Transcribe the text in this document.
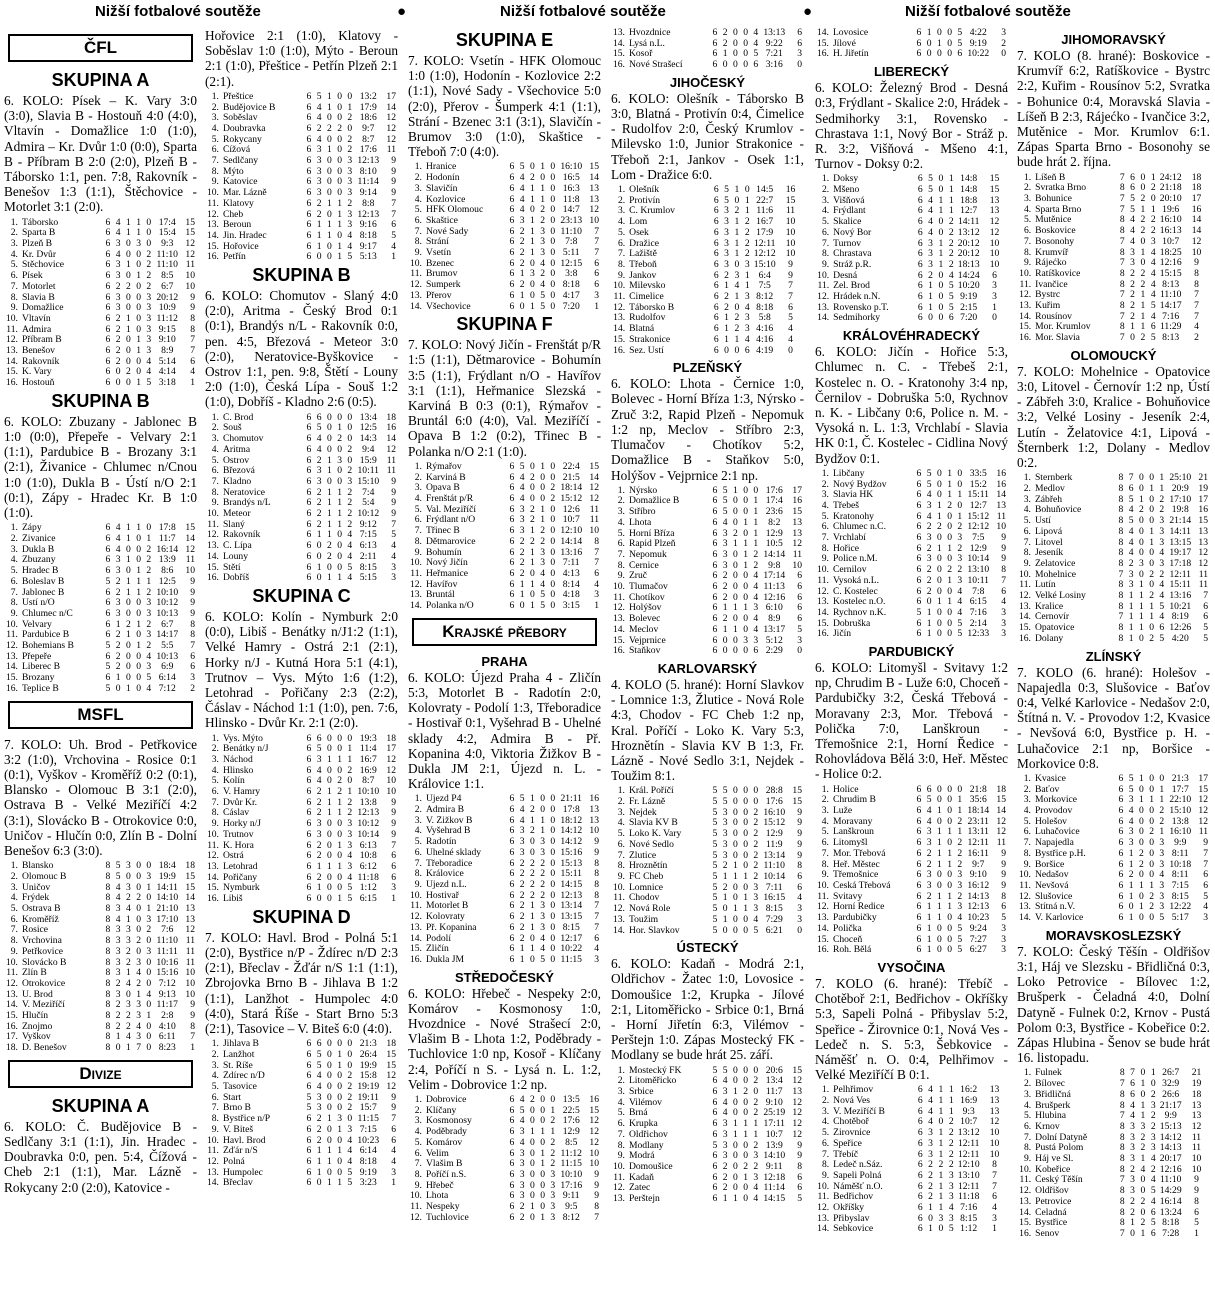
Nižší fotbalové soutěže	●	Nižší fotbalové soutěže	●	Nižší fotbalové soutěže
ČFL
SKUPINA A
6. KOLO: Písek – K. Vary 3:0 (3:0), Slavia B - Hostouň 4:0 (4:0), Vltavín - Domažlice 1:0 (1:0), Admira – Kr. Dvůr 1:0 (0:0), Sparta B - Příbram B 2:0 (2:0), Plzeň B - Táborsko 1:1, pen. 7:8, Rakovník - Benešov 1:3 (1:1), Štěchovice - Motorlet 3:1 (2:0).
1.	Táborsko	6	4	1	1	0	17:4	15
2.	Sparta B	6	4	1	1	0	15:4	15
3.	Plzeň B	6	3	0	3	0	9:3	12
4.	Kr. Dvůr	6	4	0	0	2	11:10	12
5.	Štěchovice	6	3	1	0	2	11:10	11
6.	Písek	6	3	0	1	2	8:5	10
7.	Motorlet	6	2	2	0	2	6:7	10
8.	Slavia B	6	3	0	0	3	20:12	9
9.	Domažlice	6	3	0	0	3	10:9	9
10.	Vltavín	6	2	1	0	3	11:12	8
11.	Admira	6	2	1	0	3	9:15	8
12.	Příbram B	6	2	0	1	3	9:10	7
13.	Benešov	6	2	0	1	3	8:9	7
14.	Rakovník	6	2	0	0	4	5:14	6
15.	K. Vary	6	0	2	0	4	4:14	4
16.	Hostouň	6	0	0	1	5	3:18	1
SKUPINA B
6. KOLO: Zbuzany - Jablonec B 1:0 (0:0), Přepeře - Velvary 2:1 (1:1), Pardubice B - Brozany 3:1 (2:1), Živanice - Chlumec n/Cnou 1:0 (1:0), Dukla B - Ústí n/O 2:1 (0:1), Zápy - Hradec Kr. B 1:0 (1:0).
1.	Zápy	6	4	1	1	0	17:8	15
2.	Živanice	6	4	1	0	1	11:7	14
3.	Dukla B	6	4	0	0	2	16:14	12
4.	Zbuzany	6	3	1	0	2	13:9	11
5.	Hradec B	6	3	0	1	2	8:6	10
6.	Boleslav B	5	2	1	1	1	12:5	9
7.	Jablonec B	6	2	1	1	2	10:10	9
8.	Ústí n/O	6	3	0	0	3	10:12	9
9.	Chlumec n/C	6	3	0	0	3	10:13	9
10.	Velvary	6	1	2	1	2	6:7	8
11.	Pardubice B	6	2	1	0	3	14:17	8
12.	Bohemians B	5	2	0	1	2	5:5	7
13.	Přepeře	6	2	0	0	4	10:13	6
14.	Liberec B	5	2	0	0	3	6:9	6
15.	Brozany	6	1	0	0	5	6:14	3
16.	Teplice B	5	0	1	0	4	7:12	2
MSFL
7. KOLO: Uh. Brod - Petřkovice 3:2 (1:0), Vrchovina - Rosice 0:1 (0:1), Vyškov - Kroměříž 0:2 (0:1), Blansko - Olomouc B 3:1 (2:0), Ostrava B - Velké Meziříčí 4:2 (3:1), Slovácko B - Otrokovice 0:0, Uničov - Hlučín 0:0, Zlín B - Dolní Benešov 6:3 (3:0).
1.	Blansko	8	5	3	0	0	18:4	18
2.	Olomouc B	8	5	0	0	3	19:9	15
3.	Uničov	8	4	3	0	1	14:11	15
4.	Frýdek	8	4	2	2	0	14:10	14
5.	Ostrava B	8	3	4	0	1	21:10	13
6.	Kroměříž	8	4	1	0	3	17:10	13
7.	Rosice	8	3	3	0	2	7:6	12
8.	Vrchovina	8	3	3	2	0	11:10	11
9.	Petřkovice	8	3	2	0	3	11:11	11
10.	Slovácko B	8	3	2	3	0	10:16	11
11.	Zlín B	8	3	1	4	0	15:16	10
12.	Otrokovice	8	2	4	2	0	7:12	10
13.	U. Brod	8	3	0	1	4	9:13	10
14.	V. Meziříčí	8	2	3	3	0	11:17	9
15.	Hlučín	8	2	2	3	1	2:8	9
16.	Znojmo	8	2	2	4	0	4:10	8
17.	Vyškov	8	1	4	3	0	6:11	7
18.	D. Benešov	8	0	1	7	0	8:23	1
Divize
SKUPINA A
6. KOLO: Č. Budějovice B - Sedlčany 3:1 (1:1), Jin. Hradec - Doubravka 0:0, pen. 5:4, Čížová - Cheb 2:1 (1:1), Mar. Lázně - Rokycany 2:0 (2:0), Katovice -
Hořovice 2:1 (1:0), Klatovy - Soběslav 1:0 (1:0), Mýto - Beroun 2:1 (1:0), Přeštice - Petřín Plzeň 2:1 (2:1).
1.	Přeštice	6	5	1	0	0	13:2	17
2.	Budějovice B	6	4	1	0	1	17:9	14
3.	Soběslav	6	4	0	0	2	18:6	12
4.	Doubravka	6	2	2	2	0	9:7	12
5.	Rokycany	6	4	0	0	2	8:7	12
6.	Čížová	6	3	1	0	2	17:6	11
7.	Sedlčany	6	3	0	0	3	12:13	9
8.	Mýto	6	3	0	0	3	8:10	9
9.	Katovice	6	3	0	0	3	11:14	9
10.	Mar. Lázně	6	3	0	0	3	9:14	9
11.	Klatovy	6	2	1	1	2	8:8	7
12.	Cheb	6	2	0	1	3	12:13	7
13.	Beroun	6	1	1	1	3	9:16	6
14.	Jin. Hradec	6	1	1	0	4	8:18	5
15.	Hořovice	6	1	0	1	4	9:17	4
16.	Petřín	6	0	0	1	5	5:13	1
SKUPINA B
6. KOLO: Chomutov - Slaný 4:0 (2:0), Aritma - Český Brod 0:1 (0:1), Brandýs n/L - Rakovník 0:0, pen. 4:5, Březová - Meteor 3:0 (2:0), Neratovice-Byškovice - Ostrov 1:1, pen. 9:8, Štětí - Louny 2:0 (1:0), Česká Lípa - Souš 1:2 (1:0), Dobříš - Kladno 2:6 (0:5).
1.	Č. Brod	6	6	0	0	0	13:4	18
2.	Souš	6	5	0	1	0	12:5	16
3.	Chomutov	6	4	0	2	0	14:3	14
4.	Aritma	6	4	0	0	2	9:4	12
5.	Ostrov	6	2	1	3	0	15:9	11
6.	Březová	6	3	1	0	2	10:11	11
7.	Kladno	6	3	0	0	3	15:10	9
8.	Neratovice	6	2	1	1	2	7:4	9
9.	Brandýs n/L	6	2	1	1	2	5:4	9
10.	Meteor	6	2	1	1	2	10:12	9
11.	Slaný	6	2	1	1	2	9:12	7
12.	Rakovník	6	1	1	0	4	7:15	5
13.	Č. Lípa	6	0	2	0	4	6:13	4
14.	Louny	6	0	2	0	4	2:11	4
15.	Štětí	6	1	0	0	5	8:15	3
16.	Dobříš	6	0	1	1	4	5:15	3
SKUPINA C
6. KOLO: Kolín - Nymburk 2:0 (0:0), Libiš - Benátky n/J1:2 (1:1), Velké Hamry - Ostrá 2:1 (2:1), Horky n/J - Kutná Hora 5:1 (4:1), Trutnov – Vys. Mýto 1:6 (1:2), Letohrad - Pořičany 2:3 (2:2), Čáslav - Náchod 1:1 (1:0), pen. 7:6, Hlinsko - Dvůr Kr. 2:1 (2:0).
1.	Vys. Mýto	6	6	0	0	0	19:3	18
2.	Benátky n/J	6	5	0	0	1	11:4	17
3.	Náchod	6	3	1	1	1	16:7	12
4.	Hlinsko	6	4	0	0	2	16:9	12
5.	Kolín	6	4	0	2	0	8:7	10
6.	V. Hamry	6	2	1	2	1	10:10	10
7.	Dvůr Kr.	6	2	1	1	2	13:8	9
8.	Čáslav	6	2	1	1	2	12:13	9
9.	Horky n/J	6	3	0	0	3	10:12	9
10.	Trutnov	6	3	0	0	3	10:14	9
11.	K. Hora	6	2	0	1	3	6:13	7
12.	Ostrá	6	2	0	0	4	10:8	6
13.	Letohrad	6	1	1	1	3	6:12	6
14.	Pořičany	6	2	0	0	4	11:18	6
15.	Nymburk	6	1	0	0	5	1:12	3
16.	Libiš	6	0	0	1	5	6:15	1
SKUPINA D
7. KOLO: Havl. Brod - Polná 5:1 (2:0), Bystřice n/P - Ždírec n/D 2:3 (2:1), Břeclav - Žďár n/S 1:1 (1:1), Zbrojovka Brno B - Jihlava B 1:2 (1:1), Lanžhot - Humpolec 4:0 (4:0), Stará Říše - Start Brno 5:3 (2:1), Tasovice – V. Biteš 6:0 (4:0).
1.	Jihlava B	6	6	0	0	0	21:3	18
2.	Lanžhot	6	5	0	1	0	26:4	15
3.	St. Říše	6	5	0	1	0	19:9	15
4.	Ždírec n/D	6	4	0	0	2	15:8	12
5.	Tasovice	6	4	0	0	2	19:19	12
6.	Start	5	3	0	0	2	19:11	9
7.	Brno B	5	3	0	0	2	15:7	9
8.	Bystřice n/P	6	2	1	3	0	11:15	7
9.	V. Biteš	6	2	0	1	3	7:15	6
10.	Havl. Brod	6	2	0	0	4	10:23	6
11.	Žďár n/S	6	1	1	1	4	6:14	4
12.	Polná	6	1	1	0	4	8:18	4
13.	Humpolec	6	1	0	0	5	9:19	3
14.	Břeclav	6	0	1	1	5	3:23	1
SKUPINA E
7. KOLO: Vsetín - HFK Olomouc 1:0 (1:0), Hodonín - Kozlovice 2:2 (1:1), Nové Sady - Všechovice 5:0 (2:0), Přerov - Šumperk 4:1 (1:1), Strání - Bzenec 3:1 (3:1), Slavičín - Brumov 3:0 (1:0), Skaštice - Třeboň 7:0 (4:0).
1.	Hranice	6	5	0	1	0	16:10	15
2.	Hodonín	6	4	2	0	0	16:5	14
3.	Slavičín	6	4	1	1	0	16:3	13
4.	Kozlovice	6	4	1	1	0	11:8	13
5.	HFK Olomouc	6	4	0	2	0	14:7	12
6.	Skaštice	6	3	1	2	0	23:13	10
7.	Nové Sady	6	2	1	3	0	11:10	7
8.	Strání	6	2	1	3	0	7:8	7
9.	Vsetín	6	2	1	3	0	5:11	7
10.	Bzenec	6	2	0	4	0	12:15	6
11.	Brumov	6	1	3	2	0	3:8	6
12.	Šumperk	6	2	0	4	0	8:18	6
13.	Přerov	6	1	0	5	0	4:17	3
14.	Všechovice	6	0	1	5	0	7:20	1
SKUPINA F
7. KOLO: Nový Jičín - Frenštát p/R 1:5 (1:1), Dětmarovice - Bohumín 3:5 (1:1), Frýdlant n/O - Havířov 3:1 (1:1), Heřmanice Slezská - Karviná B 0:3 (0:1), Rýmařov - Bruntál 6:0 (4:0), Val. Meziříčí - Opava B 1:2 (0:2), Třinec B - Polanka n/O 2:1 (1:0).
1.	Rýmařov	6	5	0	1	0	22:4	15
2.	Karviná B	6	4	2	0	0	21:5	14
3.	Opava B	6	4	0	0	2	18:14	12
4.	Frenštát p/R	6	4	0	0	2	15:12	12
5.	Val. Meziříčí	6	3	2	1	0	12:6	11
6.	Frýdlant n/O	6	3	2	1	0	10:7	11
7.	Třinec B	6	3	1	2	0	12:10	10
8.	Dětmarovice	6	2	2	2	0	14:14	8
9.	Bohumín	6	2	1	3	0	13:16	7
10.	Nový Jičín	6	2	1	3	0	7:11	7
11.	Heřmanice	6	2	0	4	0	4:13	6
12.	Havířov	6	1	1	4	0	8:14	4
13.	Bruntál	6	1	0	5	0	4:18	3
14.	Polanka n/O	6	0	1	5	0	3:15	1
Krajské přebory
PRAHA
6. KOLO: Újezd Praha 4 - Zličín 5:3, Motorlet B - Radotín 2:0, Kolovraty - Podolí 1:3, Třeboradice - Hostivař 0:1, Vyšehrad B - Uhelné sklady 4:2, Admira B - Př. Kopanina 4:0, Viktoria Žižkov B - Dukla JM 2:1, Újezd n. L. - Královice 1:1.
1.	Újezd P4	6	5	1	0	0	21:11	16
2.	Admira B	6	4	2	0	0	17:8	13
3.	V. Žižkov B	6	4	1	1	0	18:12	13
4.	Vyšehrad B	6	3	2	1	0	14:12	10
5.	Radotín	6	3	0	3	0	14:12	9
6.	Uhelné sklady	6	3	0	3	0	15:16	9
7.	Třeboradice	6	2	2	2	0	15:13	8
8.	Královice	6	2	2	2	0	15:11	8
9.	Újezd n.L.	6	2	2	2	0	14:15	8
10.	Hostivař	6	2	2	2	0	12:13	8
11.	Motorlet B	6	2	1	3	0	13:14	7
12.	Kolovraty	6	2	1	3	0	13:15	7
13.	Př. Kopanina	6	2	1	3	0	8:15	7
14.	Podolí	6	2	0	4	0	12:17	6
15.	Zličín	6	1	1	4	0	10:22	4
16.	Dukla JM	6	1	0	5	0	11:15	3
STŘEDOČESKÝ
6. KOLO: Hřebeč - Nespeky 2:0, Komárov - Kosmonosy 1:0, Hvozdnice - Nové Strašecí 2:0, Vlašim B - Lhota 1:2, Poděbrady - Tuchlovice 1:0 np, Kosoř - Klíčany 2:4, Poříčí n S. - Lysá n. L. 1:2, Velim - Dobrovice 1:2 np.
1.	Dobrovice	6	4	2	0	0	13:5	16
2.	Klíčany	6	5	0	0	1	22:5	15
3.	Kosmonosy	6	4	0	0	2	17:6	12
4.	Poděbrady	6	3	1	1	1	12:9	12
5.	Komárov	6	4	0	0	2	8:5	12
6.	Velim	6	3	0	1	2	11:12	10
7.	Vlašim B	6	3	0	1	2	11:15	10
8.	Poříčí n.S.	6	3	0	0	3	10:10	9
9.	Hřebeč	6	3	0	0	3	17:16	9
10.	Lhota	6	3	0	0	3	9:11	9
11.	Nespeky	6	2	1	0	3	9:5	8
12.	Tuchlovice	6	2	0	1	3	8:12	7
13.	Hvozdnice	6	2	0	0	4	13:13	6
14.	Lysá n.L.	6	2	0	0	4	9:22	6
15.	Kosoř	6	1	0	0	5	7:21	3
16.	Nové Strašecí	6	0	0	0	6	3:16	0
JIHOČESKÝ
6. KOLO: Olešník - Táborsko B 3:0, Blatná - Protivín 0:4, Čimelice - Rudolfov 2:0, Český Krumlov - Milevsko 1:0, Junior Strakonice - Třeboň 2:1, Jankov - Osek 1:1, Lom - Dražice 6:0.
1.	Olešník	6	5	1	0	14:5	16
2.	Protivín	6	5	0	1	22:7	15
3.	Č. Krumlov	6	3	2	1	11:6	11
4.	Lom	6	3	1	2	16:7	10
5.	Osek	6	3	1	2	17:9	10
6.	Dražice	6	3	1	2	12:11	10
7.	Lažiště	6	3	1	2	12:12	10
8.	Třeboň	6	3	0	3	15:10	9
9.	Jankov	6	2	3	1	6:4	9
10.	Milevsko	6	1	4	1	7:5	7
11.	Čimelice	6	2	1	3	8:12	7
12.	Táborsko B	6	2	0	4	8:18	6
13.	Rudolfov	6	1	2	3	5:8	5
14.	Blatná	6	1	2	3	4:16	4
15.	Strakonice	6	1	1	4	4:16	4
16.	Sez. Ústí	6	0	0	6	4:19	0
PLZEŇSKÝ
6. KOLO: Lhota - Černice 1:0, Bolevec - Horní Bříza 1:3, Nýrsko - Zruč 3:2, Rapid Plzeň - Nepomuk 1:2 np, Meclov - Stříbro 2:3, Tlumačov - Chotíkov 5:2, Domažlice B - Staňkov 5:0, Holýšov - Vejprnice 2:1 np.
1.	Nýrsko	6	5	1	0	0	17:6	17
2.	Domažlice B	6	5	0	0	1	17:4	16
3.	Stříbro	6	5	0	0	1	23:6	15
4.	Lhota	6	4	0	1	1	8:2	13
5.	Horní Bříza	6	3	2	0	1	12:9	13
6.	Rapid Plzeň	6	3	1	1	1	10:5	12
7.	Nepomuk	6	3	0	1	2	14:14	11
8.	Černice	6	3	0	1	2	9:8	10
9.	Zruč	6	2	0	0	4	17:14	6
10.	Tlumačov	6	2	0	0	4	11:13	6
11.	Chotíkov	6	2	0	0	4	12:16	6
12.	Holýšov	6	1	1	1	3	6:10	6
13.	Bolevec	6	2	0	0	4	8:9	6
14.	Meclov	6	1	1	0	4	13:17	5
15.	Vejprnice	6	0	0	3	3	5:12	3
16.	Staňkov	6	0	0	0	6	2:29	0
KARLOVARSKÝ
4. KOLO (5. hrané): Horní Slavkov - Lomnice 1:3, Žlutice - Nová Role 4:3, Chodov - FC Cheb 1:2 np, Kral. Poříčí - Loko K. Vary 5:3, Hroznětín - Slavia KV B 1:3, Fr. Lázně - Nové Sedlo 3:1, Nejdek - Toužim 8:1.
1.	Král. Poříčí	5	5	0	0	0	28:8	15
2.	Fr. Lázně	5	5	0	0	0	17:6	15
3.	Nejdek	5	3	0	0	2	16:10	9
4.	Slavia KV B	5	3	0	0	2	15:12	9
5.	Loko K. Vary	5	3	0	0	2	12:9	9
6.	Nové Sedlo	5	3	0	0	2	11:9	9
7.	Žlutice	5	3	0	0	2	13:14	9
8.	Hroznětín	5	2	1	0	2	11:10	8
9.	FC Cheb	5	1	1	1	2	10:14	6
10.	Lomnice	5	2	0	0	3	7:11	6
11.	Chodov	5	1	0	1	3	16:15	4
12.	Nová Role	5	0	1	1	3	8:15	3
13.	Toužim	5	1	0	0	4	7:29	3
14.	Hor. Slavkov	5	0	0	0	5	6:21	0
ÚSTECKÝ
6. KOLO: Kadaň - Modrá 2:1, Oldřichov - Žatec 1:0, Lovosice - Domoušice 1:2, Krupka - Jílové 2:1, Litoměřicko - Srbice 0:1, Brná - Horní Jiřetín 6:3, Vilémov - Perštejn 1:0. Zápas Mostecký FK - Modlany se bude hrát 25. září.
1.	Mostecký FK	5	5	0	0	0	20:6	15
2.	Litoměřicko	6	4	0	0	2	13:4	12
3.	Srbice	6	3	1	2	0	11:7	13
4.	Vilémov	6	4	0	0	2	9:10	12
5.	Brná	6	4	0	0	2	25:19	12
6.	Krupka	6	3	1	1	1	17:11	12
7.	Oldřichov	6	3	1	1	1	10:7	12
8.	Modlany	5	3	0	0	2	13:9	9
9.	Modrá	6	3	0	0	3	14:10	9
10.	Domoušice	6	2	0	2	2	9:11	8
11.	Kadaň	6	2	0	1	3	12:18	6
12.	Žatec	6	2	0	0	4	11:14	6
13.	Perštejn	6	1	1	0	4	14:15	5
14.	Lovosice	6	1	0	0	5	4:22	3
15.	Jílové	6	0	1	0	5	9:19	2
16.	H. Jiřetín	6	0	0	0	6	10:22	0
LIBERECKÝ
6. KOLO: Železný Brod - Desná 0:3, Frýdlant - Skalice 2:0, Hrádek - Sedmihorky 3:1, Rovensko - Chrastava 1:1, Nový Bor - Stráž p. R. 3:2, Višňová - Mšeno 4:1, Turnov - Doksy 0:2.
1.	Doksy	6	5	0	1	14:8	15
2.	Mšeno	6	5	0	1	14:8	15
3.	Višňová	6	4	1	1	18:8	13
4.	Frýdlant	6	4	1	1	12:7	13
5.	Skalice	6	4	0	2	14:11	12
6.	Nový Bor	6	4	0	2	13:12	12
7.	Turnov	6	3	1	2	20:12	10
8.	Chrastava	6	3	1	2	20:12	10
9.	Stráž p.R.	6	3	1	2	18:13	10
10.	Desná	6	2	0	4	14:24	6
11.	Žel. Brod	6	1	0	5	10:20	3
12.	Hrádek n.N.	6	1	0	5	9:19	3
13.	Rovensko p.T.	6	1	0	5	2:15	1
14.	Sedmihorky	6	0	0	6	7:20	0
KRÁLOVÉHRADECKÝ
6. KOLO: Jičín - Hořice 5:3, Chlumec n. C. - Třebeš 2:1, Kostelec n. O. - Kratonohy 3:4 np, Černilov - Dobruška 5:0, Rychnov n. K. - Libčany 0:6, Police n. M. - Vysoká n. L. 1:3, Vrchlabí - Slavia HK 0:1, Č. Kostelec - Cidlina Nový Bydžov 0:1.
1.	Libčany	6	5	0	1	0	33:5	16
2.	Nový Bydžov	6	5	0	1	0	15:2	16
3.	Slavia HK	6	4	0	1	1	15:11	14
4.	Třebeš	6	3	1	2	0	12:7	13
5.	Kratonohy	6	4	1	0	1	15:12	11
6.	Chlumec n.C.	6	2	2	0	2	12:12	10
7.	Vrchlabí	6	3	0	0	3	7:5	9
8.	Hořice	6	2	1	1	2	12:9	9
9.	Police n.M.	6	3	0	0	3	10:14	9
10.	Černilov	6	2	0	2	2	13:10	8
11.	Vysoká n.L.	6	2	0	1	3	10:11	7
12.	Č. Kostelec	6	2	0	0	4	7:8	6
13.	Kostelec n.O.	6	0	1	1	4	6:15	4
14.	Rychnov n.K.	5	1	0	0	4	7:16	3
15.	Dobruška	6	1	0	0	5	2:14	3
16.	Jičín	6	1	0	0	5	12:33	3
PARDUBICKÝ
6. KOLO: Litomyšl - Svitavy 1:2 np, Chrudim B - Luže 6:0, Choceň - Pardubičky 3:2, Česká Třebová - Moravany 2:3, Mor. Třebová - Polička 7:0, Lanškroun - Třemošnice 2:1, Horní Ředice - Rohovládova Bělá 3:0, Heř. Městec - Holice 0:2.
1.	Holice	6	6	0	0	0	21:8	18
2.	Chrudim B	6	5	0	0	1	35:6	15
3.	Luže	6	4	1	0	1	18:14	14
4.	Moravany	6	4	0	0	2	23:11	12
5.	Lanškroun	6	3	1	1	1	13:11	12
6.	Litomyšl	6	3	1	0	2	12:11	11
7.	Mor. Třebová	6	2	1	1	2	16:11	9
8.	Heř. Městec	6	2	1	1	2	9:7	9
9.	Třemošnice	6	3	0	0	3	9:10	9
10.	Česká Třebová	6	3	0	0	3	16:12	9
11.	Svitavy	6	2	1	1	2	14:13	8
12.	Horní Ředice	6	1	1	1	3	12:13	6
13.	Pardubičky	6	1	1	0	4	10:23	5
14.	Polička	6	1	0	0	5	9:24	3
15.	Choceň	6	1	0	0	5	7:27	3
16.	Roh. Bělá	6	1	0	0	5	6:27	3
VYSOČINA
7. KOLO (6. hrané): Třebíč - Chotěboř 2:1, Bedřichov - Okříšky 5:3, Sapeli Polná - Přibyslav 5:2, Speřice - Žirovnice 0:1, Nová Ves - Ledeč n. S. 5:3, Šebkovice - Náměšť n. O. 0:4, Pelhřimov - Velké Meziříčí B 0:1.
1.	Pelhřimov	6	4	1	1	16:2	13
2.	Nová Ves	6	4	1	1	16:9	13
3.	V. Meziříčí B	6	4	1	1	9:3	13
4.	Chotěboř	6	4	0	2	10:7	12
5.	Žirovnice	6	3	1	2	13:12	10
6.	Speřice	6	3	1	2	12:11	10
7.	Třebíč	6	3	1	2	12:11	10
8.	Ledeč n.Sáz.	6	2	2	2	12:10	8
9.	Sapeli Polná	6	2	1	3	13:10	7
10.	Náměšť n.O.	6	2	1	3	12:11	7
11.	Bedřichov	6	2	1	3	11:18	6
12.	Okříšky	6	1	1	4	7:16	4
13.	Přibyslav	6	0	3	3	8:15	3
14.	Šebkovice	6	1	0	5	1:12	1
JIHOMORAVSKÝ
7. KOLO (8. hrané): Boskovice - Krumvíř 6:2, Ratíškovice - Bystrc 2:2, Kuřim - Rousínov 5:2, Svratka - Bohunice 0:4, Moravská Slavia - Líšeň B 2:3, Rájećko - Ivančice 3:2, Mutěnice - Mor. Krumlov 6:1. Zápas Sparta Brno - Bosonohy se bude hrát 2. října.
1.	Líšeň B	7	6	0	1	24:12	18
2.	Svratka Brno	8	6	0	2	21:18	18
3.	Bohunice	7	5	2	0	20:10	17
4.	Sparta Brno	7	5	1	1	19:6	16
5.	Mutěnice	8	4	2	2	16:10	14
6.	Boskovice	8	4	2	2	16:13	14
7.	Bosonohy	7	4	0	3	10:7	12
8.	Krumvíř	8	3	1	4	18:25	10
9.	Rájećko	7	3	0	4	12:16	9
10.	Ratíškovice	8	2	2	4	15:15	8
11.	Ivančice	8	2	2	4	8:13	8
12.	Bystrc	7	2	1	4	11:10	7
13.	Kuřim	8	2	1	5	14:17	7
14.	Rousínov	7	2	1	4	7:16	7
15.	Mor. Krumlov	8	1	1	6	11:29	4
16.	Mor. Slavia	7	0	2	5	8:13	2
OLOMOUCKÝ
7. KOLO: Mohelnice - Opatovice 3:0, Litovel - Černovír 1:2 np, Ústí - Zábřeh 3:0, Kralice - Bohuňovice 3:2, Velké Losiny - Jeseník 2:4, Lutín - Želatovice 4:1, Lipová - Šternberk 1:2, Dolany - Medlov 0:2.
1.	Šternberk	8	7	0	0	1	25:10	21
2.	Medlov	8	6	0	1	1	20:9	19
3.	Zábřeh	8	5	1	0	2	17:10	17
4.	Bohuňovice	8	4	2	0	2	19:8	16
5.	Ústí	8	5	0	0	3	21:14	15
6.	Lipová	8	4	0	1	3	14:11	13
7.	Litovel	8	4	0	1	3	13:15	13
8.	Jeseník	8	4	0	0	4	19:17	12
9.	Želatovice	8	2	3	0	3	17:18	12
10.	Mohelnice	7	3	0	2	2	12:11	11
11.	Lutín	8	3	1	0	4	15:11	11
12.	Velké Losiny	8	1	1	2	4	13:16	7
13.	Kralice	8	1	1	1	5	10:21	6
14.	Černovír	7	1	1	1	4	8:19	6
15.	Opatovice	8	1	1	0	6	12:26	5
16.	Dolany	8	1	0	2	5	4:20	5
ZLÍNSKÝ
7. KOLO (6. hrané): Holešov - Napajedla 0:3, Slušovice - Baťov 0:4, Velké Karlovice - Nedašov 2:0, Štítná n. V. - Provodov 1:2, Kvasice - Nevšová 6:0, Bystřice p. H. - Luhačovice 2:1 np, Boršice - Morkovice 0:8.
1.	Kvasice	6	5	1	0	0	21:3	17
2.	Baťov	6	5	0	0	1	17:7	15
3.	Morkovice	6	3	1	1	1	22:10	12
4.	Provodov	6	4	0	0	2	15:10	12
5.	Holešov	6	4	0	0	2	13:8	12
6.	Luhačovice	6	3	0	2	1	16:10	11
7.	Napajedla	6	3	0	0	3	9:9	9
8.	Bystřice p.H.	6	1	2	0	3	8:11	7
9.	Boršice	6	1	2	0	3	10:18	7
10.	Nedašov	6	2	0	0	4	8:11	6
11.	Nevšová	6	1	1	1	3	7:15	6
12.	Slušovice	6	1	0	2	3	8:15	5
13.	Štítná n.V.	6	0	1	2	3	12:22	4
14.	V. Karlovice	6	1	0	0	5	5:17	3
MORAVSKOSLEZSKÝ
7. KOLO: Český Těšín - Oldřišov 3:1, Háj ve Slezsku - Břidličná 0:3, Loko Petrovice - Bílovec 1:2, Brušperk - Čeladná 4:0, Dolní Datyně - Fulnek 0:2, Krnov - Pustá Polom 0:3, Bystřice - Kobeřice 0:2. Zápas Hlubina - Šenov se bude hrát 16. listopadu.
1.	Fulnek	8	7	0	1	26:7	21
2.	Bílovec	7	6	1	0	32:9	19
3.	Břidličná	8	6	0	2	26:6	18
4.	Brušperk	8	4	1	3	21:17	13
5.	Hlubina	7	4	1	2	9:9	13
6.	Krnov	8	3	3	2	15:13	12
7.	Dolní Datyně	8	3	2	3	14:12	11
8.	Pustá Polom	8	3	2	3	14:13	11
9.	Háj ve Sl.	8	3	1	4	20:17	10
10.	Kobeřice	8	2	4	2	12:16	10
11.	Český Těšín	7	3	0	4	11:10	9
12.	Oldřišov	8	3	0	5	14:29	9
13.	Petrovice	8	2	2	4	16:14	8
14.	Čeladná	8	2	0	6	13:24	6
15.	Bystřice	8	1	2	5	8:18	5
16.	Šenov	7	0	1	6	7:28	1
